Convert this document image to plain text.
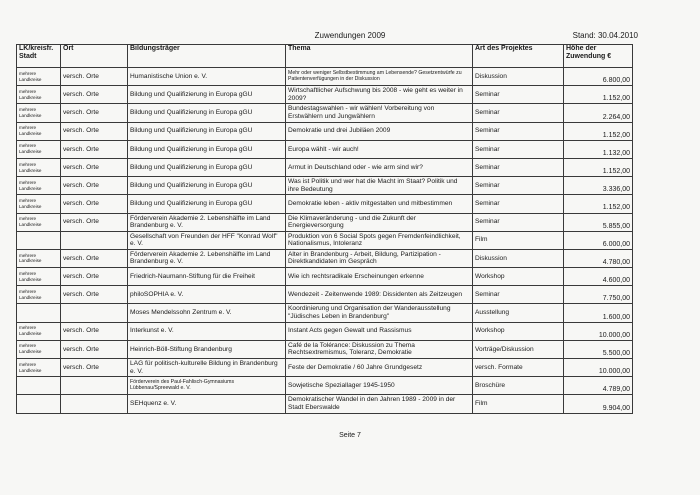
Zuwendungen 2009	Stand: 30.04.2010
LK/kreisfr. Stadt	Ort	Bildungsträger	Thema	Art des Projektes	Höhe der Zuwendung €
mehrere Landkreise	versch. Orte	Humanistische Union e. V.	Mehr oder weniger Selbstbestimmung am Lebensende? Gesetzentwürfe zu Patientenverfügungen in der Diskussion	Diskussion	6.800,00
mehrere Landkreise	versch. Orte	Bildung und Qualifizierung in Europa gGU	Wirtschaftlicher Aufschwung bis 2008 - wie geht es weiter in 2009?	Seminar	1.152,00
mehrere Landkreise	versch. Orte	Bildung und Qualifizierung in Europa gGU	Bundestagswahlen - wir wählen! Vorbereitung von Erstwählern und Jungwählern	Seminar	2.264,00
mehrere Landkreise	versch. Orte	Bildung und Qualifizierung in Europa gGU	Demokratie und drei Jubiläen 2009	Seminar	1.152,00
mehrere Landkreise	versch. Orte	Bildung und Qualifizierung in Europa gGU	Europa wählt - wir auch!	Seminar	1.132,00
mehrere Landkreise	versch. Orte	Bildung und Qualifizierung in Europa gGU	Armut in Deutschland oder - wie arm sind wir?	Seminar	1.152,00
mehrere Landkreise	versch. Orte	Bildung und Qualifizierung in Europa gGU	Was ist Politik und wer hat die Macht im Staat? Politik und ihre Bedeutung	Seminar	3.336,00
mehrere Landkreise	versch. Orte	Bildung und Qualifizierung in Europa gGU	Demokratie leben - aktiv mitgestalten und mitbestimmen	Seminar	1.152,00
mehrere Landkreise	versch. Orte	Förderverein Akademie 2. Lebenshälfte im Land Brandenburg e. V.	Die Klimaveränderung - und die Zukunft der Energieversorgung	Seminar	5.855,00
		Gesellschaft von Freunden der HFF "Konrad Wolf" e. V.	Produktion von 6 Social Spots gegen Fremdenfeindlichkeit, Nationalismus, Intoleranz	Film	6.000,00
mehrere Landkreise	versch. Orte	Förderverein Akademie 2. Lebenshälfte im Land Brandenburg e. V.	Alter in Brandenburg - Arbeit, Bildung, Partizipation - Direktkandidaten im Gespräch	Diskussion	4.780,00
mehrere Landkreise	versch. Orte	Friedrich-Naumann-Stiftung für die Freiheit	Wie ich rechtsradikale Erscheinungen erkenne	Workshop	4.600,00
mehrere Landkreise	versch. Orte	philoSOPHIA e. V.	Wendezeit - Zeitenwende 1989: Dissidenten als Zeitzeugen	Seminar	7.750,00
		Moses Mendelssohn Zentrum e. V.	Koordinierung und Organisation der Wanderausstellung "Jüdisches Leben in Brandenburg"	Ausstellung	1.600,00
mehrere Landkreise	versch. Orte	Interkunst e. V.	Instant Acts gegen Gewalt und Rassismus	Workshop	10.000,00
mehrere Landkreise	versch. Orte	Heinrich-Böll-Stiftung Brandenburg	Café de la Tolérance: Diskussion zu Thema Rechtsextremismus, Toleranz, Demokratie	Vorträge/Diskussion	5.500,00
mehrere Landkreise	versch. Orte	LAG für politisch-kulturelle Bildung in Brandenburg e. V.	Feste der Demokratie / 60 Jahre Grundgesetz	versch. Formate	10.000,00
		Förderverein des Paul-Fahlisch-Gymnasiums Lübbenau/Spreewald e. V.	Sowjetische Speziallager 1945-1950	Broschüre	4.789,00
		SEHquenz e. V.	Demokratischer Wandel in den Jahren 1989 - 2009 in der Stadt Eberswalde	Film	9.904,00
Seite 7
